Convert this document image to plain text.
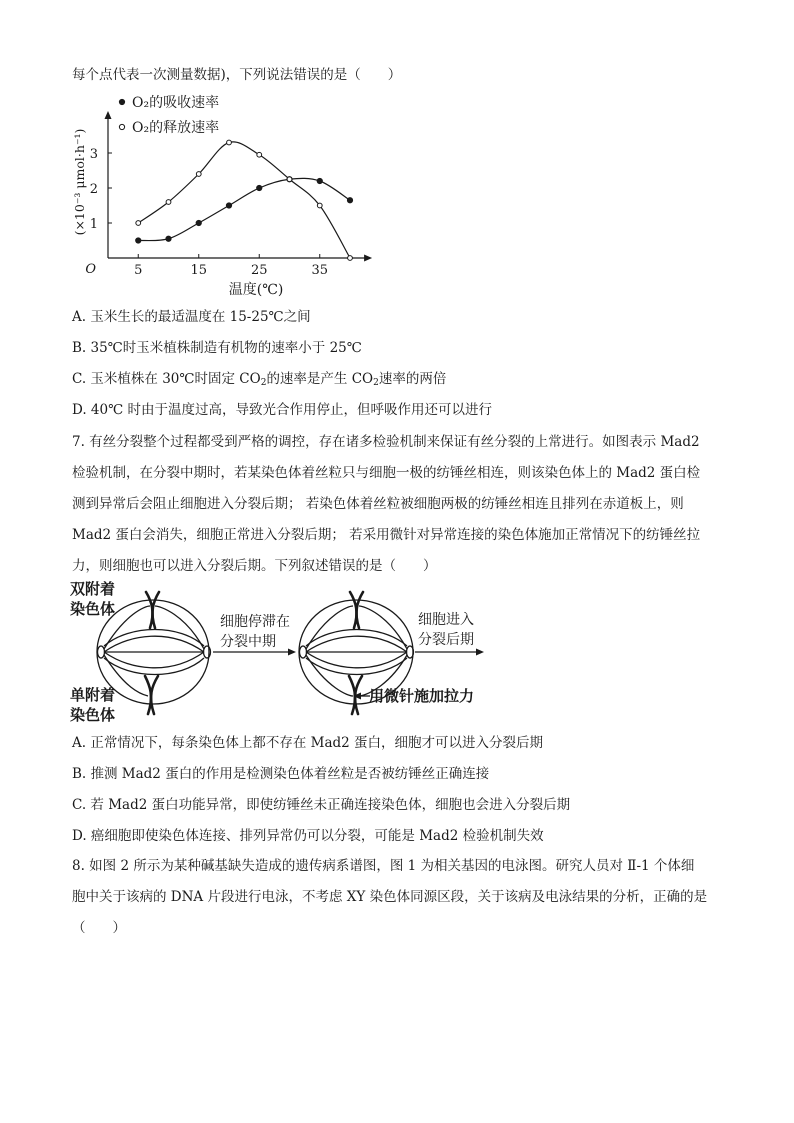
每个点代表一次测量数据)，下列说法错误的是（　　）
5	15	25	35
1
2
3
O
温度(℃)
(×10⁻³ μmol·h⁻¹)
O₂的吸收速率
O₂的释放速率
A. 玉米生长的最适温度在 15-25℃之间
B. 35℃时玉米植株制造有机物的速率小于 25℃
C. 玉米植株在 30℃时固定 $CO_2$的速率是产生 $CO_2$速率的两倍
D. 40℃ 时由于温度过高，导致光合作用停止，但呼吸作用还可以进行
7. 有丝分裂整个过程都受到严格的调控，存在诸多检验机制来保证有丝分裂的上常进行。如图表示 Mad2
检验机制，在分裂中期时，若某染色体着丝粒只与细胞一极的纺锤丝相连，则该染色体上的 Mad2 蛋白检
测到异常后会阻止细胞进入分裂后期； 若染色体着丝粒被细胞两极的纺锤丝相连且排列在赤道板上，则
Mad2 蛋白会消失，细胞正常进入分裂后期； 若采用微针对异常连接的染色体施加正常情况下的纺锤丝拉
力，则细胞也可以进入分裂后期。下列叙述错误的是（　　）
双附着
染色体
单附着
染色体
细胞停滞在
分裂中期
用微针施加拉力
细胞进入
分裂后期
A. 正常情况下，每条染色体上都不存在 Mad2 蛋白，细胞才可以进入分裂后期
B. 推测 Mad2 蛋白的作用是检测染色体着丝粒是否被纺锤丝正确连接
C. 若 Mad2 蛋白功能异常，即使纺锤丝未正确连接染色体，细胞也会进入分裂后期
D. 癌细胞即使染色体连接、排列异常仍可以分裂，可能是 Mad2 检验机制失效
8. 如图 2 所示为某种碱基缺失造成的遗传病系谱图，图 1 为相关基因的电泳图。研究人员对 Ⅱ-1 个体细
胞中关于该病的 DNA 片段进行电泳，不考虑 XY 染色体同源区段，关于该病及电泳结果的分析，正确的是
（　　）
